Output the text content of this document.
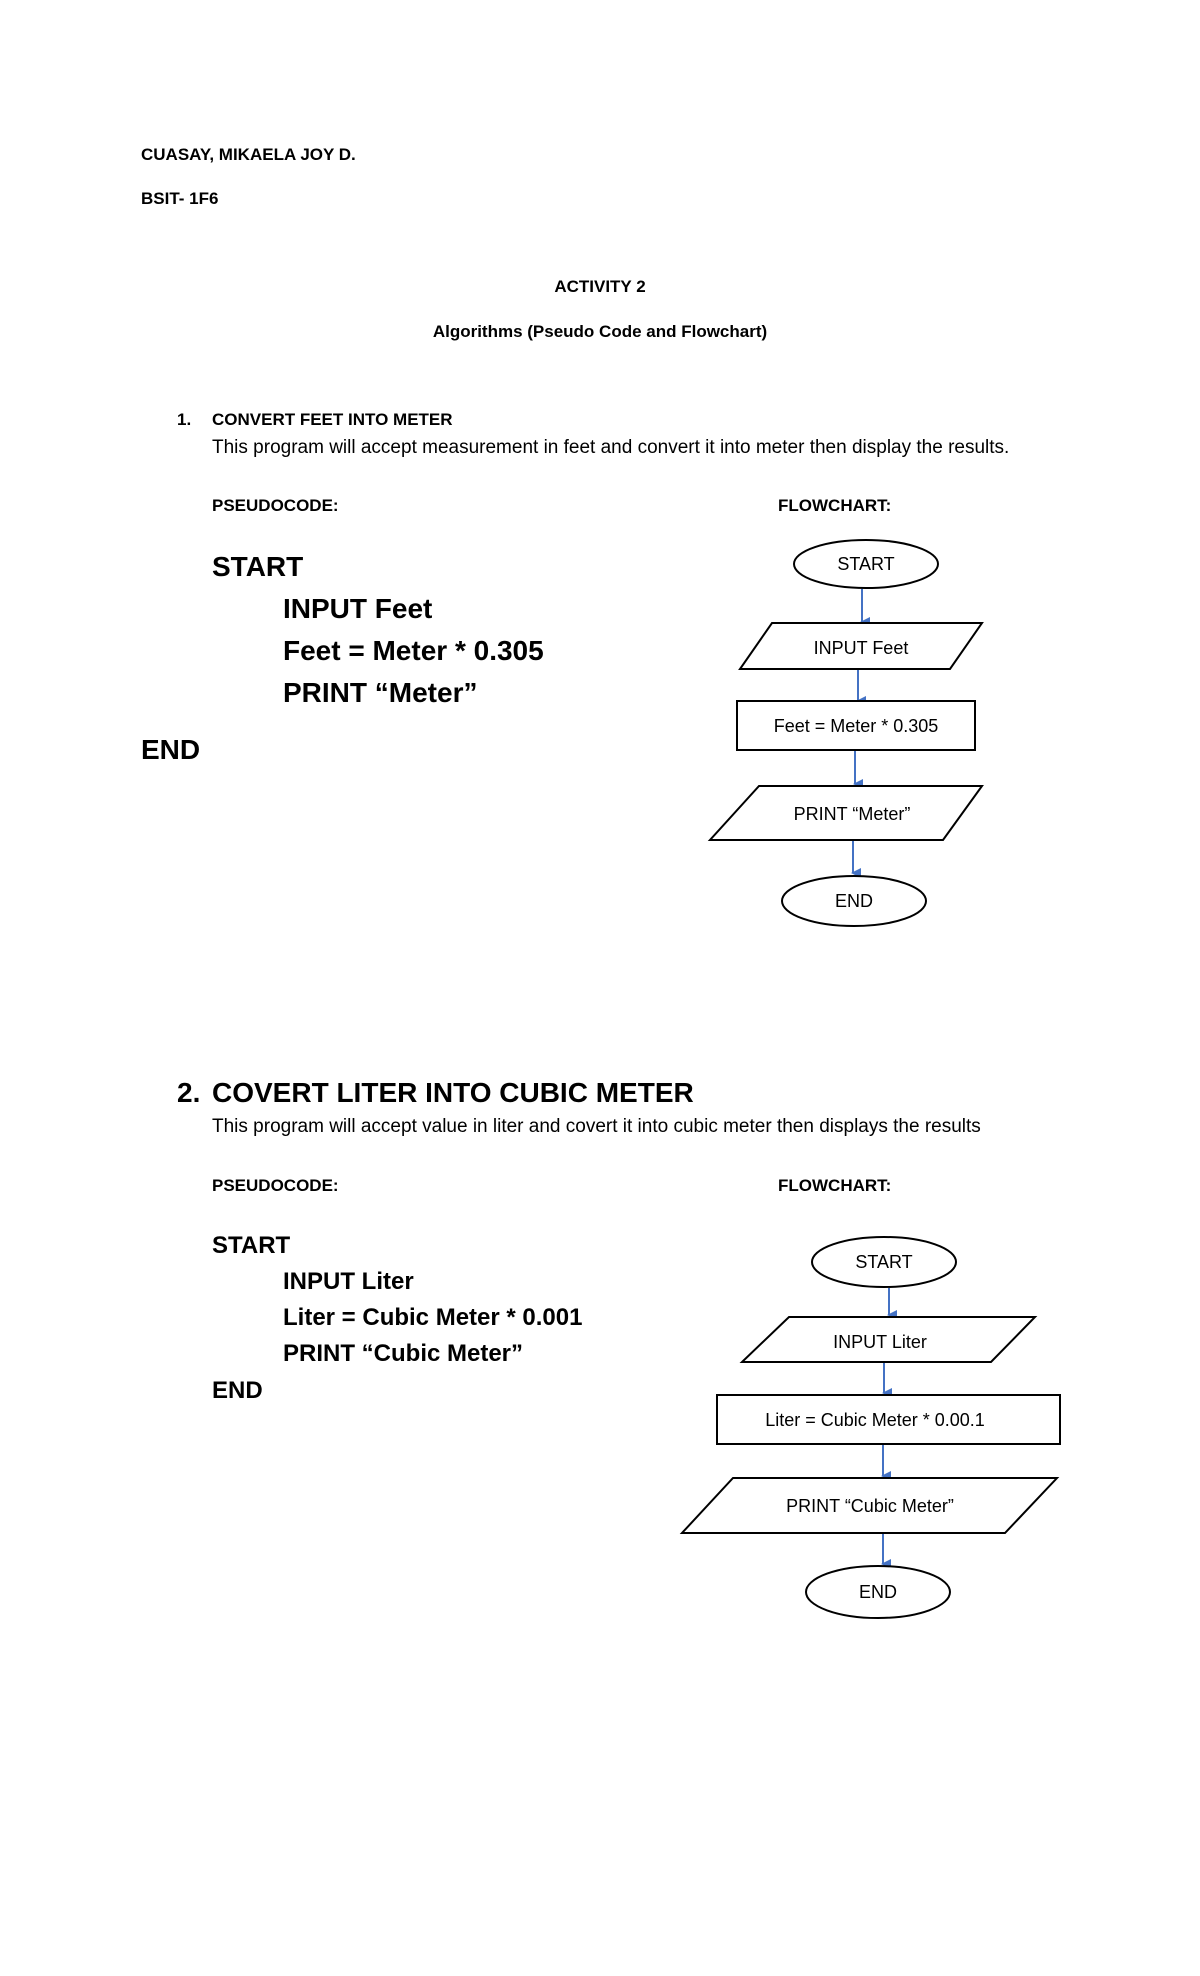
CUASAY, MIKAELA JOY D.
BSIT- 1F6
ACTIVITY 2
Algorithms (Pseudo Code and Flowchart)
1. CONVERT FEET INTO METER
This program will accept measurement in feet and convert it into meter then display the results.
PSEUDOCODE:	FLOWCHART:
START
INPUT Feet
Feet = Meter * 0.305
PRINT “Meter”
END
START
INPUT Feet
Feet = Meter * 0.305
PRINT “Meter”
END
START
INPUT Liter
Liter = Cubic Meter * 0.00.1
PRINT “Cubic Meter”
END
2. COVERT LITER INTO CUBIC METER
This program will accept value in liter and covert it into cubic meter then displays the results
PSEUDOCODE:	FLOWCHART:
START
INPUT Liter
Liter = Cubic Meter * 0.001
PRINT “Cubic Meter”
END
